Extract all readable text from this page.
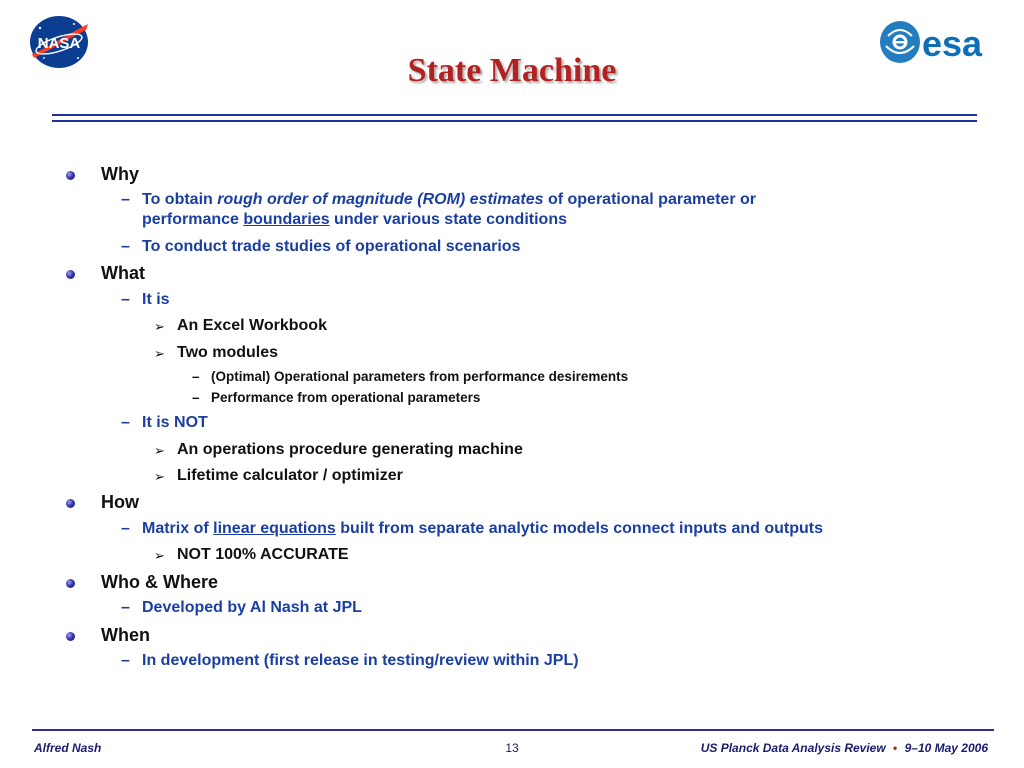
NASA	esa
State Machine
Why
– To obtain rough order of magnitude (ROM) estimates of operational parameter or
performance boundaries under various state conditions
– To conduct trade studies of operational scenarios
What
– It is
➢ An Excel Workbook
➢ Two modules
– (Optimal) Operational parameters from performance desirements
– Performance from operational parameters
– It is NOT
➢ An operations procedure generating machine
➢ Lifetime calculator / optimizer
How
– Matrix of linear equations built from separate analytic models connect inputs and outputs
➢ NOT 100% ACCURATE
Who & Where
– Developed by Al Nash at JPL
When
– In development (first release in testing/review within JPL)
Alfred Nash	13	US Planck Data Analysis Review • 9–10 May 2006
